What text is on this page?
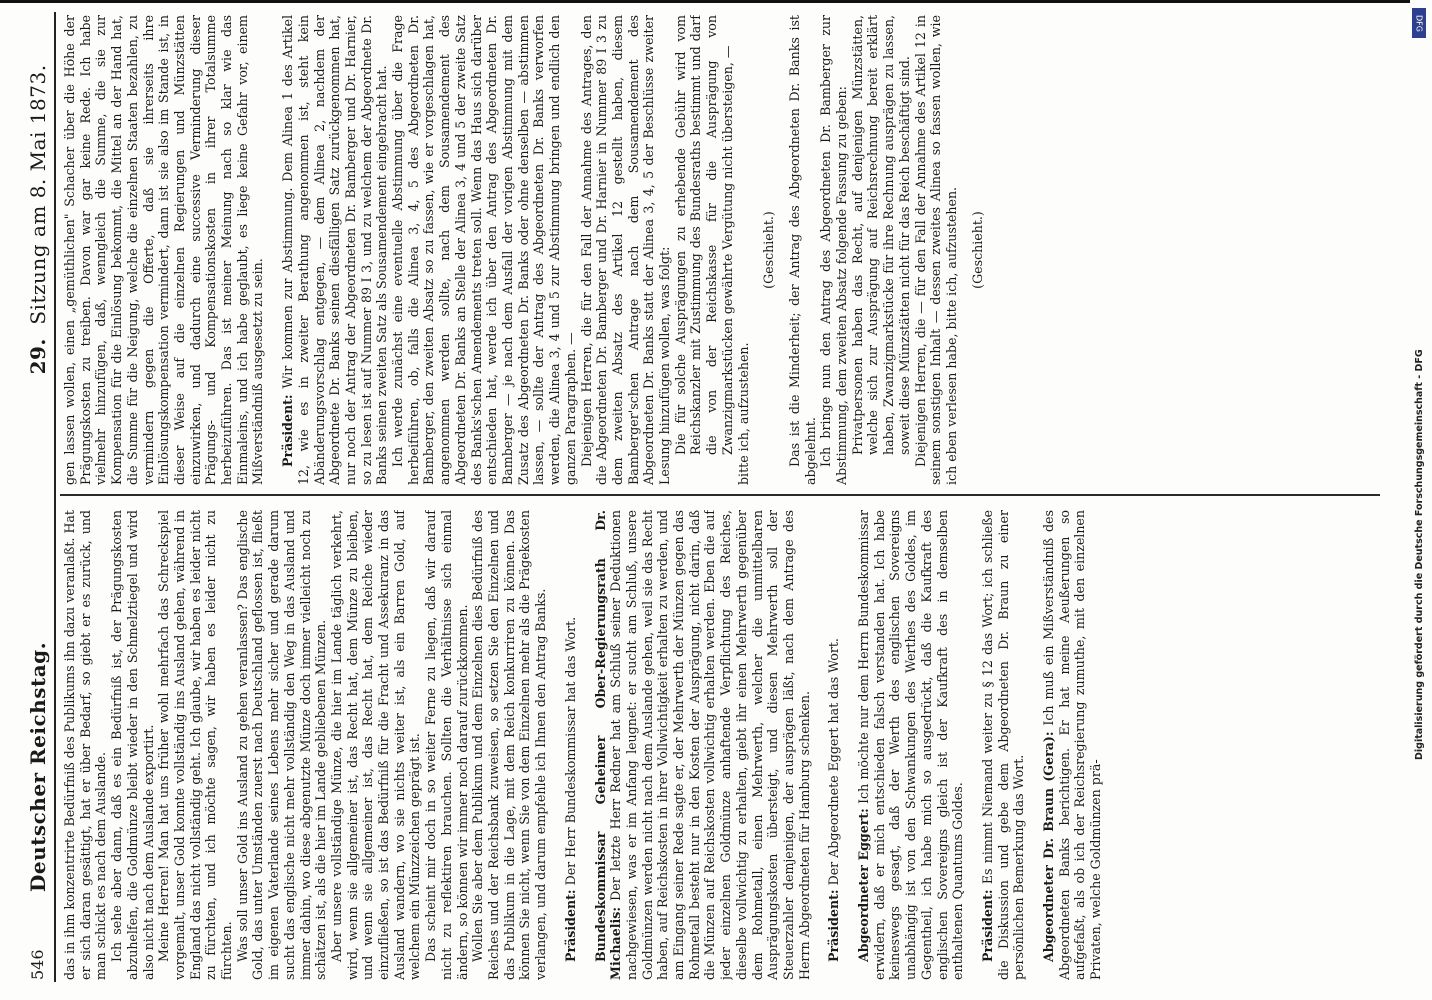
546
Deutscher Reichstag. 29. Sitzung am 8. Mai 1873.

das in ihm konzentrirte Bedürfniß des Publikums ihn dazu veranlaßt. Hat er sich daran gesättigt, hat er über Bedarf, so giebt er es zurück, und man schickt es nach dem Auslande. Ich sehe aber dann, daß es ein Bedürfniß ist, der Prägungskosten abzuhelfen, die Goldmünze bleibt wieder in den Schmelztiegel und wird also nicht nach dem Auslande exportirt. Meine Herren! Man hat uns früher wohl mehrfach das Schreckspiel vorgemalt, unser Gold konnte vollständig ins Ausland gehen, während in England das nicht vollständig geht. Ich glaube, wir haben es leider nicht zu fürchten, und ich möchte sagen, wir haben es leider nicht zu fürchten. Was soll unser Gold ins Ausland zu gehen veranlassen? Das englische Gold, das unter Umständen zuerst nach Deutschland geflossen ist, fließt im eigenen Vaterlande seines Lebens mehr sicher und gerade darum sucht das englische nicht mehr vollständig den Weg in das Ausland und immer dahin, wo diese abgenutzte Münze doch immer vielleicht noch zu schätzen ist, als die hier im Lande gebliebenen Münzen. Aber unsere vollständige Münze, die hier im Lande täglich verkehrt, wird, wenn sie allgemeiner ist, das Recht hat, dem Münze zu bleiben, und wenn sie allgemeiner ist, das Recht hat, dem Reiche wieder einzufließen, so ist das Bedürfniß für die Fracht und Assekuranz in das Ausland wandern, wo sie nichts weiter ist, als ein Barren Gold, auf welchem ein Münzzeichen geprägt ist. Das scheint mir doch in so weiter Ferne zu liegen, daß wir darauf nicht zu reflektiren brauchen. Sollten die Verhältnisse sich einmal ändern, so können wir immer noch darauf zurückkommen. Wollen Sie aber dem Publikum und dem Einzelnen dies Bedürfniß des Reiches und der Reichsbank zuweisen, so setzen Sie den Einzelnen und das Publikum in die Lage, mit dem Reich konkurriren zu können. Das können Sie nicht, wenn Sie von dem Einzelnen mehr als die Prägekosten verlangen, und darum empfehle ich Ihnen den Antrag Banks. Präsident: Der Herr Bundeskommissar hat das Wort. Bundeskommissar Geheimer Ober-Regierungsrath Dr. Michaelis: Der letzte Herr Redner hat am Schluß seiner Deduktionen nachgewiesen, was er im Anfang leugnet: er sucht am Schluß, unsere Goldmünzen werden nicht nach dem Auslande gehen, weil sie das Recht haben, auf Reichskosten in ihrer Vollwichtigkeit erhalten zu werden, und am Eingang seiner Rede sagte er, der Mehrwerth der Münzen gegen das Rohmetall besteht nur in den Kosten der Ausprägung, nicht darin, daß die Münzen auf Reichskosten vollwichtig erhalten werden. Eben die auf jeder einzelnen Goldmünze anhaftende Verpflichtung des Reiches, dieselbe vollwichtig zu erhalten, giebt ihr einen Mehrwerth gegenüber dem Rohmetall, einen Mehrwerth, welcher die unmittelbaren Ausprägungskosten übersteigt, und diesen Mehrwerth soll der Steuerzahler demjenigen, der ausprägen läßt, nach dem Antrage des Herrn Abgeordneten für Hamburg schenken. Präsident: Der Abgeordnete Eggert hat das Wort. Abgeordneter Eggert: Ich möchte nur dem Herrn Bundeskommissar erwidern, daß er mich entschieden falsch verstanden hat. Ich habe keineswegs gesagt, daß der Werth des englischen Sovereigns unabhängig ist von den Schwankungen des Werthes des Goldes, im Gegentheil, ich habe mich so ausgedrückt, daß die Kaufkraft des englischen Sovereigns gleich ist der Kaufkraft des in demselben enthaltenen Quantums Goldes. Präsident: Es nimmt Niemand weiter zu § 12 das Wort; ich schließe die Diskussion und gebe dem Abgeordneten Dr. Braun zu einer persönlichen Bemerkung das Wort. Abgeordneter Dr. Braun (Gera): Ich muß ein Mißverständniß des Abgeordneten Banks berichtigen. Er hat meine Aeußerungen so aufgefaßt, als ob ich der Reichsregierung zumuthe, mit den einzelnen Privaten, welche Goldmünzen prä-

gen lassen wollen, einen „gemüthlichen" Schacher über die Höhe der Prägungskosten zu treiben. Davon war gar keine Rede. Ich habe vielmehr hinzufügen, daß, wenngleich die Summe, die sie zur Kompensation für die Einlösung bekommt, die Mittel an der Hand hat, die Summe für die Neigung, welche die einzelnen Staaten bezahlen, zu vermindern gegen die Offerte, daß sie ihrerseits ihre Einlösungskompensation vermindert, dann ist sie also im Stande ist, in dieser Weise auf die einzelnen Regierungen und Münzstätten einzuwirken, und dadurch eine successive Verminderung dieser Prägungs- und Kompensationskosten in ihrer Totalsumme herbeizuführen. Das ist meiner Meinung nach so klar wie das Einmaleins, und ich habe geglaubt, es liege keine Gefahr vor, einem Mißverständniß ausgesetzt zu sein. Präsident: Wir kommen zur Abstimmung. Dem Alinea 1 des Artikel 12, wie es in zweiter Berathung angenommen ist, steht kein Abänderungsvorschlag entgegen, — dem Alinea 2, nachdem der Abgeordnete Dr. Banks seinen diesfälligen Satz zurückgenommen hat, nur noch der Antrag der Abgeordneten Dr. Bamberger und Dr. Harnier, so zu lesen ist auf Nummer 89 I 3, und zu welchem der Abgeordnete Dr. Banks seinen zweiten Satz als Sousamendement eingebracht hat. Ich werde zunächst eine eventuelle Abstimmung über die Frage herbeiführen, ob, falls die Alinea 3, 4, 5 des Abgeordneten Dr. Bamberger, den zweiten Absatz so zu fassen, wie er vorgeschlagen hat, angenommen werden sollte, nach dem Sousamendement des Abgeordneten Dr. Banks an Stelle der Alinea 3, 4 und 5 der zweite Satz des Banks'schen Amendements treten soll. Wenn das Haus sich darüber entschieden hat, werde ich über den Antrag des Abgeordneten Dr. Bamberger — je nach dem Ausfall der vorigen Abstimmung mit dem Zusatz des Abgeordneten Dr. Banks oder ohne denselben — abstimmen lassen, — sollte der Antrag des Abgeordneten Dr. Banks verworfen werden, die Alinea 3, 4 und 5 zur Abstimmung bringen und endlich den ganzen Paragraphen. — Diejenigen Herren, die für den Fall der Annahme des Antrages, den die Abgeordneten Dr. Bamberger und Dr. Harnier in Nummer 89 I 3 zu dem zweiten Absatz des Artikel 12 gestellt haben, diesem Bamberger'schen Antrage nach dem Sousamendement des Abgeordneten Dr. Banks statt der Alinea 3, 4, 5 der Beschlüsse zweiter Lesung hinzufügen wollen, was folgt: Die für solche Ausprägungen zu erhebende Gebühr wird vom Reichskanzler mit Zustimmung des Bundesraths bestimmt und darf die von der Reichskasse für die Ausprägung von Zwanzigmarkstücken gewährte Vergütung nicht übersteigen, — bitte ich, aufzustehen.

(Geschieht.) Das ist die Minderheit; der Antrag des Abgeordneten Dr. Banks ist abgelehnt. Ich bringe nun den Antrag des Abgeordneten Dr. Bamberger zur Abstimmung, dem zweiten Absatz folgende Fassung zu geben: Privatpersonen haben das Recht, auf denjenigen Münzstätten, welche sich zur Ausprägung auf Reichsrechnung bereit erklärt haben, Zwanzigmarkstücke für ihre Rechnung ausprägen zu lassen, soweit diese Münzstätten nicht für das Reich beschäftigt sind. Diejenigen Herren, die — für den Fall der Annahme des Artikel 12 in seinem sonstigen Inhalt — dessen zweites Alinea so fassen wollen, wie ich eben verlesen habe, bitte ich, aufzustehen. (Geschieht.)

DFG
Digitalisierung gefördert durch die Deutsche Forschungsgemeinschaft - DFG
